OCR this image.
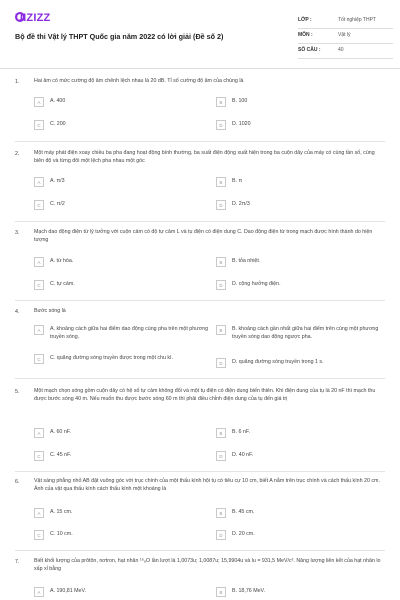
UIZIZZ
Bộ đề thi Vật lý THPT Quốc gia năm 2022 có lời giải (Đề số 2)
LỚP :	Tốt nghiệp THPT
MÔN :	Vật lý
SỐ CÂU :	40
1.	Hai âm có mức cường độ âm chênh lệch nhau là 20 dB. Tỉ số cường độ âm của chúng là
A	A. 400	B	B. 100
C	C. 200	D	D. 1020
2.	Một máy phát điện xoay chiều ba pha đang hoạt động bình thường, ba suất điện động xuất hiện trong ba cuộn dây của máy có cùng tần số, cùng biên độ và từng đôi một lệch pha nhau một góc
A	A. π/3	B	B. π
C	C. π/2	D	D. 2π/3
3.	Mạch dao động điện từ lý tưởng với cuộn cảm có độ tự cảm L và tụ điện có điện dung C. Dao động điện từ trong mạch được hình thành do hiện tượng
A	A. từ hóa.	B	B. tỏa nhiệt.
C	C. tự cảm.	D	D. cộng hưởng điện.
4.	Bước sóng là
A	A. khoảng cách giữa hai điểm dao động cùng pha trên một phương truyền sóng.
B	B. khoảng cách gần nhất giữa hai điểm trên cùng một phương truyền sóng dao động ngược pha.
C	C. quãng đường sóng truyền được trong một chu kì.
D	D. quãng đường sóng truyền trong 1 s.
5.	Một mạch chọn sóng gồm cuộn dây có hệ số tự cảm không đổi và một tụ điện có điện dung biến thiên. Khi điện dung của tụ là 20 nF thì mạch thu được bước sóng 40 m. Nếu muốn thu được bước sóng 60 m thì phải điều chỉnh điện dung của tụ đến giá trị
A	A. 60 nF.	B	B. 6 nF.
C	C. 45 nF.	D	D. 40 nF.
6.	Vật sáng phẳng nhỏ AB đặt vuông góc với trục chính của một thấu kính hội tụ có tiêu cự 10 cm, biết A nằm trên trục chính và cách thấu kính 20 cm. Ảnh của vật qua thấu kính cách thấu kính một khoảng là
A	A. 15 cm.	B	B. 45 cm.
C	C. 10 cm.	D	D. 20 cm.
7.	Biết khối lượng của prôtôn, nơtron, hạt nhân ¹⁶₈O lần lượt là 1,0073u; 1,0087u; 15,9904u và lu = 931,5 MeV/c². Năng lượng liên kết của hạt nhân lo xấp xỉ bằng
A	A. 190,81 MeV.	B	B. 18,76 MeV.
